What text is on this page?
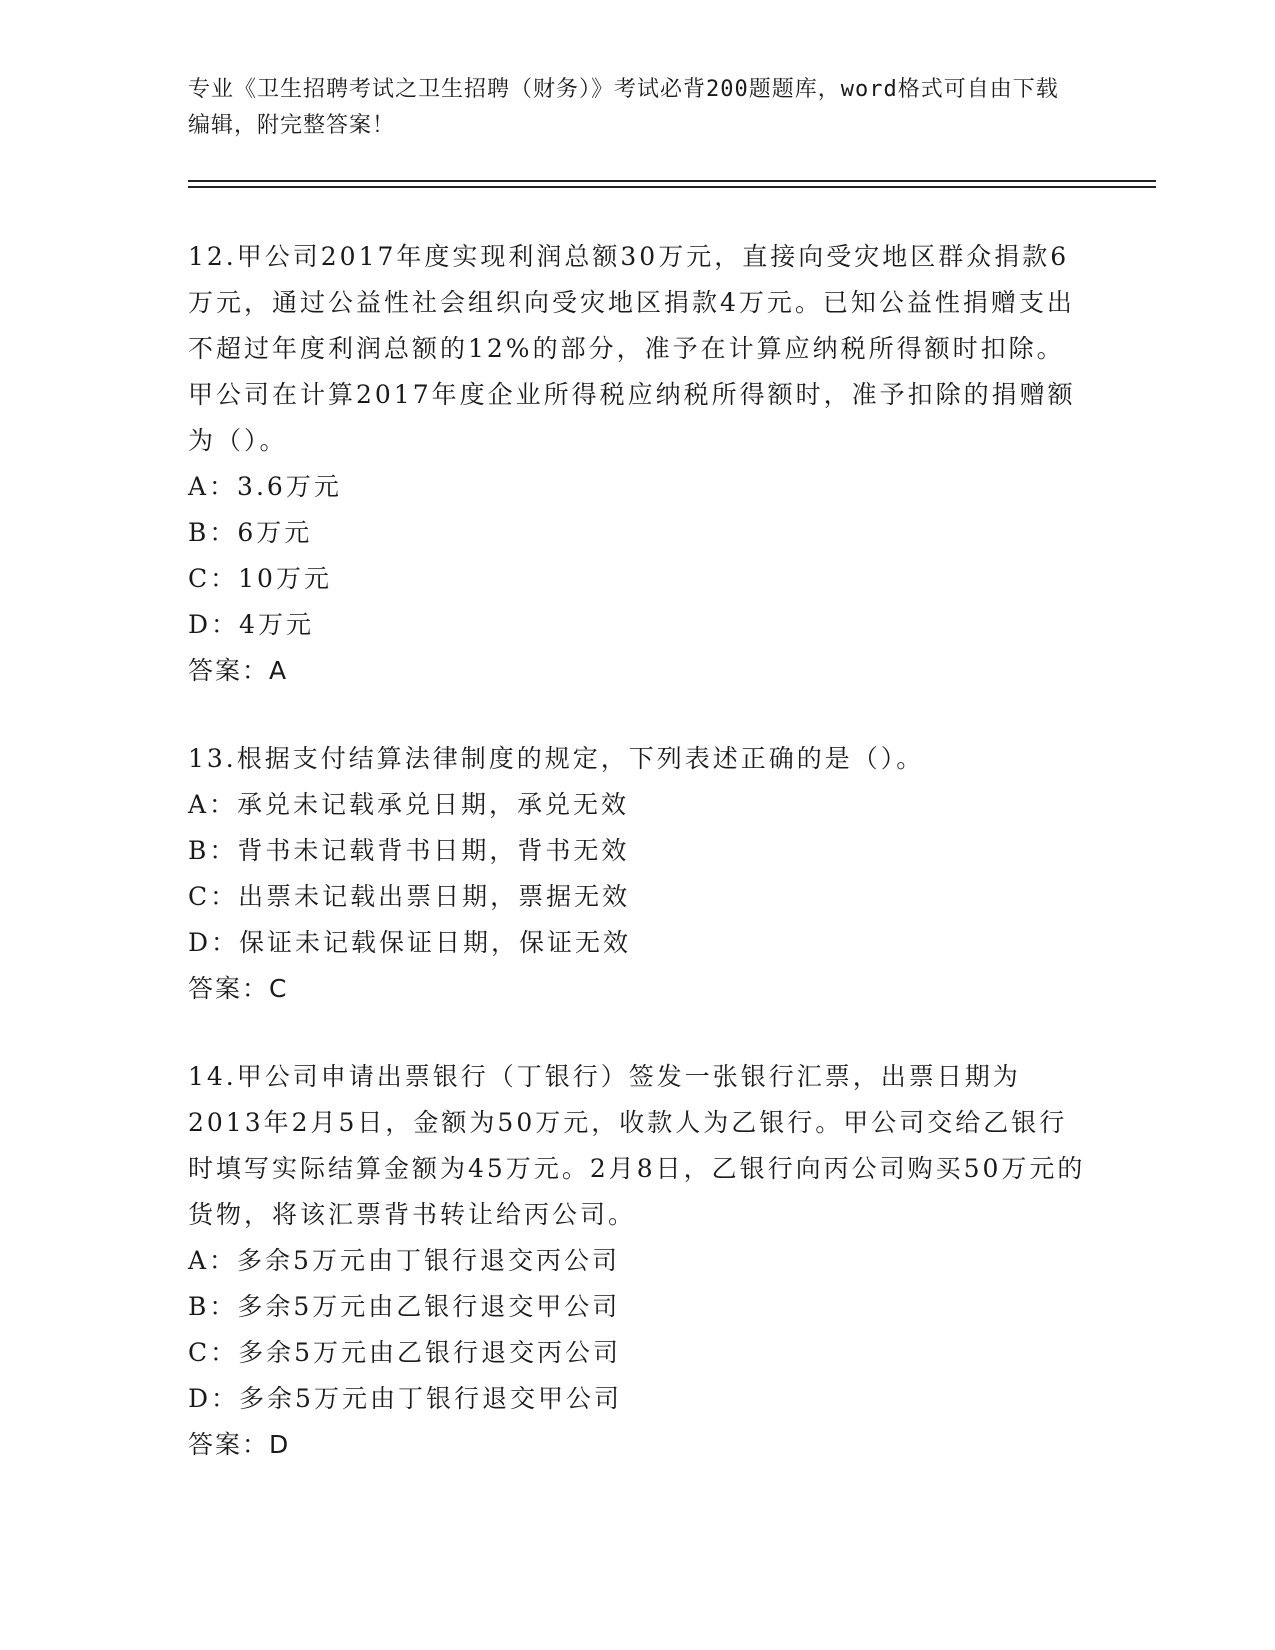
专业《卫生招聘考试之卫生招聘（财务）》考试必背200题题库，word格式可自由下载编辑，附完整答案！

12.甲公司2017年度实现利润总额30万元，直接向受灾地区群众捐款6万元，通过公益性社会组织向受灾地区捐款4万元。已知公益性捐赠支出不超过年度利润总额的12%的部分，准予在计算应纳税所得额时扣除。甲公司在计算2017年度企业所得税应纳税所得额时，准予扣除的捐赠额为（）。

A：3.6万元

B：6万元

C：10万元

D：4万元

答案：A

13.根据支付结算法律制度的规定，下列表述正确的是（）。

A：承兑未记载承兑日期，承兑无效

B：背书未记载背书日期，背书无效

C：出票未记载出票日期，票据无效

D：保证未记载保证日期，保证无效

答案：C

14.甲公司申请出票银行（丁银行）签发一张银行汇票，出票日期为2013年2月5日，金额为50万元，收款人为乙银行。甲公司交给乙银行时填写实际结算金额为45万元。2月8日，乙银行向丙公司购买50万元的货物，将该汇票背书转让给丙公司。

A：多余5万元由丁银行退交丙公司

B：多余5万元由乙银行退交甲公司

C：多余5万元由乙银行退交丙公司

D：多余5万元由丁银行退交甲公司

答案：D
